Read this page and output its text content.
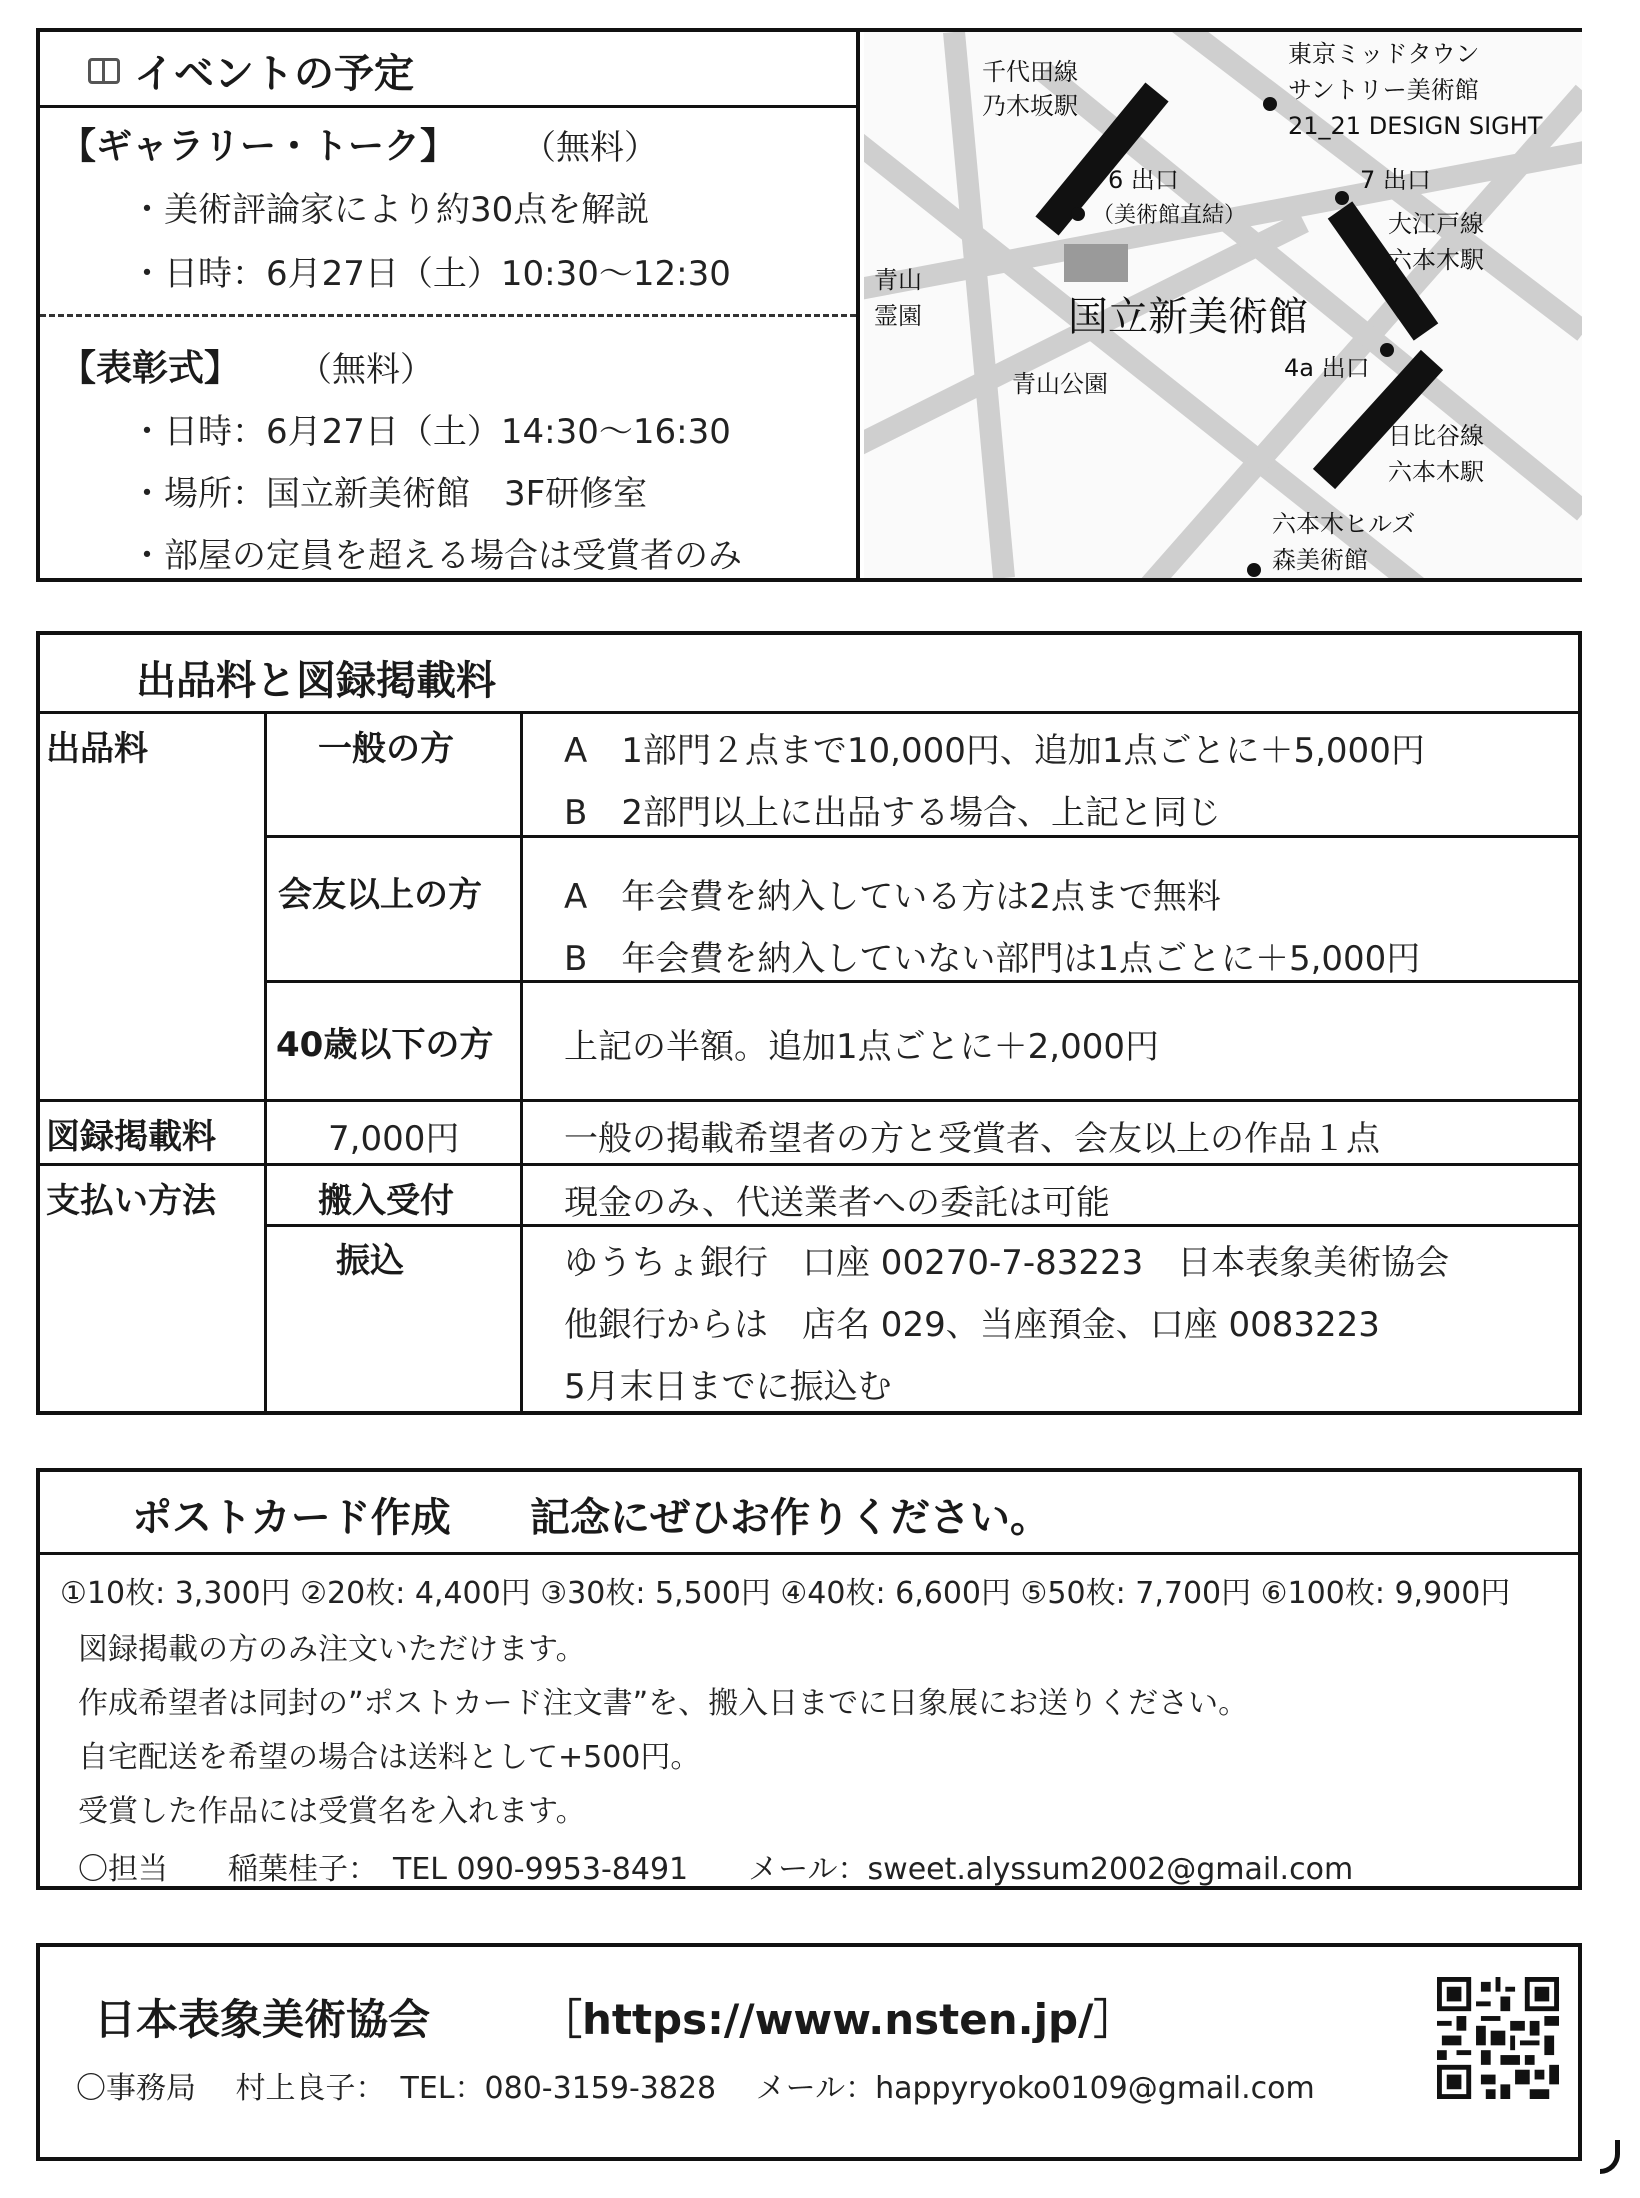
イベントの予定
【ギャラリー・トーク】 （無料）
・美術評論家により約30点を解説
・日時：6月27日（土）10:30〜12:30
【表彰式】 （無料）
・日時：6月27日（土）14:30〜16:30
・場所：国立新美術館　3F研修室
・部屋の定員を超える場合は受賞者のみ
千代田線
乃木坂駅
6 出口
（美術館直結）
青山
霊園	国立新美術館
青山公園
東京ミッドタウン
サントリー美術館
21_21 DESIGN SIGHT
7 出口
大江戸線
六本木駅
4a 出口
日比谷線
六本木駅
六本木ヒルズ
森美術館
出品料と図録掲載料
出品料	一般の方	A　1部門２点まで10,000円、追加1点ごとに＋5,000円
B　2部門以上に出品する場合、上記と同じ
会友以上の方 A　年会費を納入している方は2点まで無料
B　年会費を納入していない部門は1点ごとに＋5,000円
40歳以下の方 上記の半額。追加1点ごとに＋2,000円
図録掲載料	7,000円	一般の掲載希望者の方と受賞者、会友以上の作品１点
支払い方法	搬入受付	現金のみ、代送業者への委託は可能
振込	ゆうちょ銀行　口座 00270-7-83223　日本表象美術協会
他銀行からは　店名 029、当座預金、口座 0083223
5月末日までに振込む
ポストカード作成 記念にぜひお作りください。
①10枚: 3,300円 ②20枚: 4,400円 ③30枚: 5,500円 ④40枚: 6,600円 ⑤50枚: 7,700円 ⑥100枚: 9,900円
図録掲載の方のみ注文いただけます。
作成希望者は同封の”ポストカード注文書”を、搬入日までに日象展にお送りください。
自宅配送を希望の場合は送料として+500円。
受賞した作品には受賞名を入れます。
〇担当　　稲葉桂子：　TEL 090-9953-8491　　メール：sweet.alyssum2002@gmail.com
日本表象美術協会	［https://www.nsten.jp/］
〇事務局　 村上良子：　TEL：080-3159-3828　 メール：happyryoko0109@gmail.com
